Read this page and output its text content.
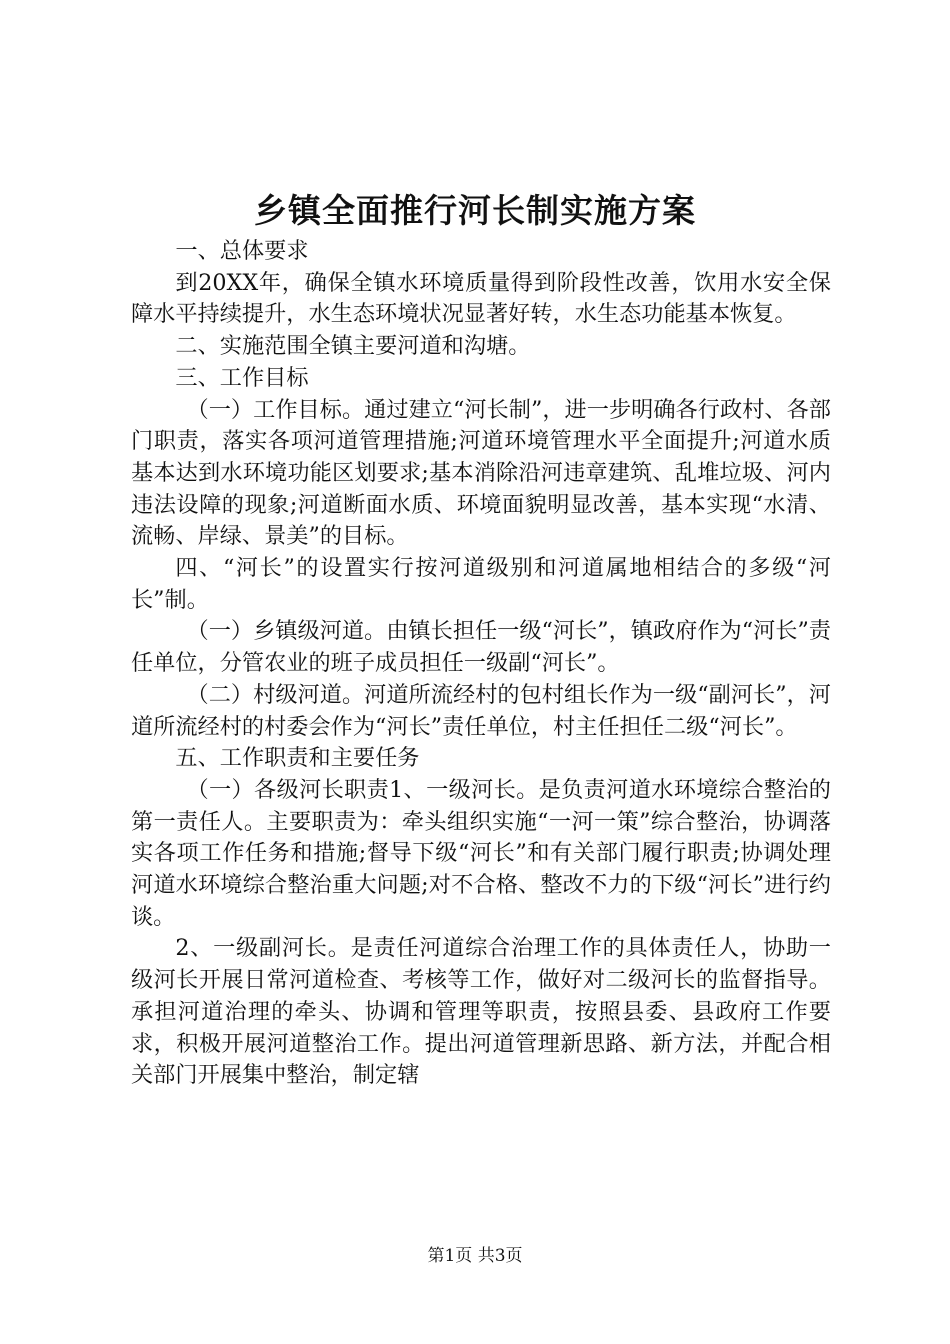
乡镇全面推行河长制实施方案

一、总体要求

到20XX年，确保全镇水环境质量得到阶段性改善，饮用水安全保障水平持续提升，水生态环境状况显著好转，水生态功能基本恢复。

二、实施范围全镇主要河道和沟塘。

三、工作目标

（一）工作目标。通过建立“河长制”，进一步明确各行政村、各部门职责，落实各项河道管理措施;河道环境管理水平全面提升;河道水质基本达到水环境功能区划要求;基本消除沿河违章建筑、乱堆垃圾、河内违法设障的现象;河道断面水质、环境面貌明显改善，基本实现“水清、流畅、岸绿、景美”的目标。

四、“河长”的设置实行按河道级别和河道属地相结合的多级“河长”制。

（一）乡镇级河道。由镇长担任一级“河长”，镇政府作为“河长”责任单位，分管农业的班子成员担任一级副“河长”。

（二）村级河道。河道所流经村的包村组长作为一级“副河长”，河道所流经村的村委会作为“河长”责任单位，村主任担任二级“河长”。

五、工作职责和主要任务

（一）各级河长职责1、一级河长。是负责河道水环境综合整治的第一责任人。主要职责为：牵头组织实施“一河一策”综合整治，协调落实各项工作任务和措施;督导下级“河长”和有关部门履行职责;协调处理河道水环境综合整治重大问题;对不合格、整改不力的下级“河长”进行约谈。

2、一级副河长。是责任河道综合治理工作的具体责任人，协助一级河长开展日常河道检查、考核等工作，做好对二级河长的监督指导。承担河道治理的牵头、协调和管理等职责，按照县委、县政府工作要求，积极开展河道整治工作。提出河道管理新思路、新方法，并配合相关部门开展集中整治，制定辖

第1页 共3页
